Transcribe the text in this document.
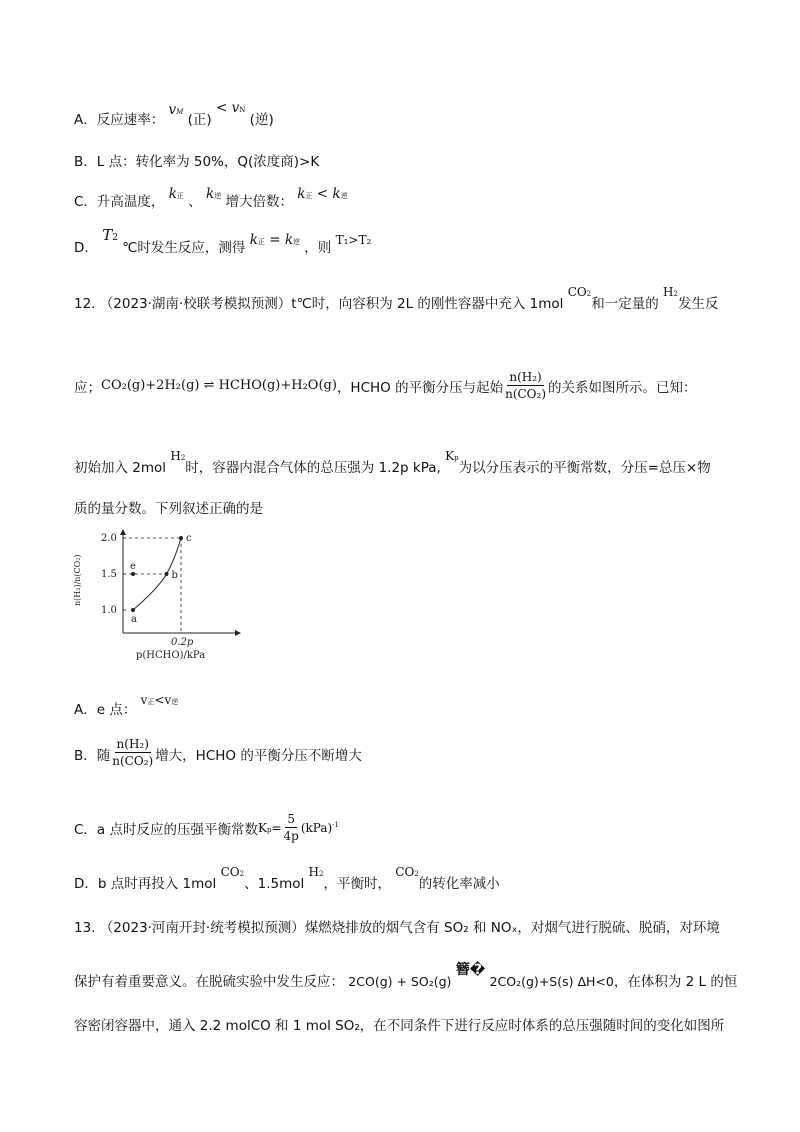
A．反应速率： vM (正) < vN (逆)
B．L 点：转化率为 50%，Q(浓度商)>K
C．升高温度， k正 、 k逆 增大倍数： k正 < k逆
D． T2 ℃时发生反应，测得 k正 = k逆 ，则 T₁>T₂
12. （2023·湖南·校联考模拟预测）t℃时，向容积为 2L 的刚性容器中充入 1mol CO2和一定量的 H2发生反
应； CO₂(g)+2H₂(g) ⇌ HCHO(g)+H₂O(g) ，HCHO 的平衡分压与起始 $\frac{\text{n(H₂)}}{\text{n(CO₂)}}$ 的关系如图所示。已知：
初始加入 2mol H2时，容器内混合气体的总压强为 1.2p kPa, Kp为以分压表示的平衡常数，分压=总压×物
质的量分数。下列叙述正确的是
a
b
c
e
2.0
1.5
1.0
0.2p
n(H₂)/n(CO₂)
p(HCHO)/kPa
A．e 点： v正<v逆
B．随 $\frac{\text{n(H₂)}}{\text{n(CO₂)}}$ 增大，HCHO 的平衡分压不断增大
C．a 点时反应的压强平衡常数 $Kp= \frac{5}{4p} (kPa)^{-1}$
D．b 点时再投入 1mol CO2、1.5mol H2，平衡时， CO2的转化率减小
13. （2023·河南开封·统考模拟预测）煤燃烧排放的烟气含有 SO₂ 和 NOₓ，对烟气进行脱硫、脱硝，对环境
保护有着重要意义。在脱硫实验中发生反应： 2CO(g) + SO₂(g) 簪� 2CO₂(g)+S(s) ΔH<0，在体积为 2 L 的恒
容密闭容器中，通入 2.2 molCO 和 1 mol SO₂，在不同条件下进行反应时体系的总压强随时间的变化如图所
